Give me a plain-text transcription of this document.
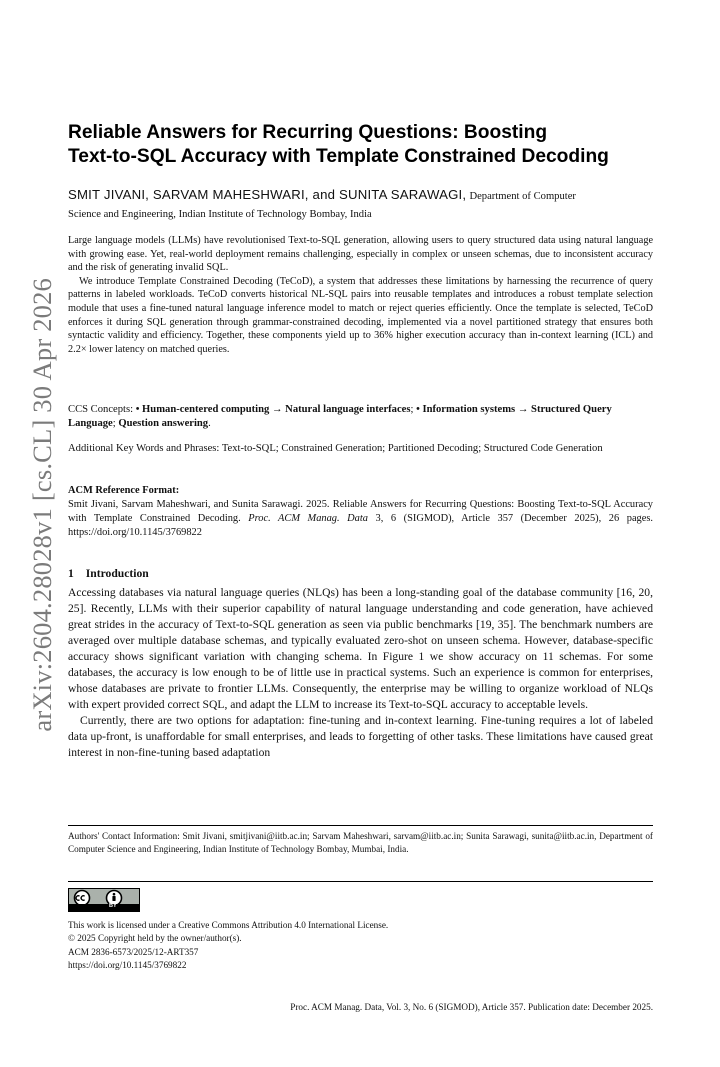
arXiv:2604.28028v1 [cs.CL] 30 Apr 2026
Reliable Answers for Recurring Questions: Boosting
Text-to-SQL Accuracy with Template Constrained Decoding
SMIT JIVANI, SARVAM MAHESHWARI, and SUNITA SARAWAGI, Department of Computer
Science and Engineering, Indian Institute of Technology Bombay, India

Large language models (LLMs) have revolutionised Text-to-SQL generation, allowing users to query structured data using natural language with growing ease. Yet, real-world deployment remains challenging, especially in complex or unseen schemas, due to inconsistent accuracy and the risk of generating invalid SQL.

We introduce Template Constrained Decoding (TeCoD), a system that addresses these limitations by harnessing the recurrence of query patterns in labeled workloads. TeCoD converts historical NL-SQL pairs into reusable templates and introduces a robust template selection module that uses a fine-tuned natural language inference model to match or reject queries efficiently. Once the template is selected, TeCoD enforces it during SQL generation through grammar-constrained decoding, implemented via a novel partitioned strategy that ensures both syntactic validity and efficiency. Together, these components yield up to 36% higher execution accuracy than in-context learning (ICL) and 2.2× lower latency on matched queries.

CCS Concepts: • Human-centered computing → Natural language interfaces; • Information systems → Structured Query Language; Question answering.
Additional Key Words and Phrases: Text-to-SQL; Constrained Generation; Partitioned Decoding; Structured Code Generation
ACM Reference Format:
Smit Jivani, Sarvam Maheshwari, and Sunita Sarawagi. 2025. Reliable Answers for Recurring Questions: Boosting Text-to-SQL Accuracy with Template Constrained Decoding. Proc. ACM Manag. Data 3, 6 (SIGMOD), Article 357 (December 2025), 26 pages. https://doi.org/10.1145/3769822
1 Introduction

Accessing databases via natural language queries (NLQs) has been a long-standing goal of the database community [16, 20, 25]. Recently, LLMs with their superior capability of natural language understanding and code generation, have achieved great strides in the accuracy of Text-to-SQL generation as seen via public benchmarks [19, 35]. The benchmark numbers are averaged over multiple database schemas, and typically evaluated zero-shot on unseen schema. However, database-specific accuracy shows significant variation with changing schema. In Figure 1 we show accuracy on 11 schemas. For some databases, the accuracy is low enough to be of little use in practical systems. Such an experience is common for enterprises, whose databases are private to frontier LLMs. Consequently, the enterprise may be willing to organize workload of NLQs with expert provided correct SQL, and adapt the LLM to increase its Text-to-SQL accuracy to acceptable levels.

Currently, there are two options for adaptation: fine-tuning and in-context learning. Fine-tuning requires a lot of labeled data up-front, is unaffordable for small enterprises, and leads to forgetting of other tasks. These limitations have caused great interest in non-fine-tuning based adaptation

Authors' Contact Information: Smit Jivani, smitjivani@iitb.ac.in; Sarvam Maheshwari, sarvam@iitb.ac.in; Sunita Sarawagi, sunita@iitb.ac.in, Department of Computer Science and Engineering, Indian Institute of Technology Bombay, Mumbai, India.
BY
This work is licensed under a Creative Commons Attribution 4.0 International License.
© 2025 Copyright held by the owner/author(s).
ACM 2836-6573/2025/12-ART357
https://doi.org/10.1145/3769822
Proc. ACM Manag. Data, Vol. 3, No. 6 (SIGMOD), Article 357. Publication date: December 2025.
